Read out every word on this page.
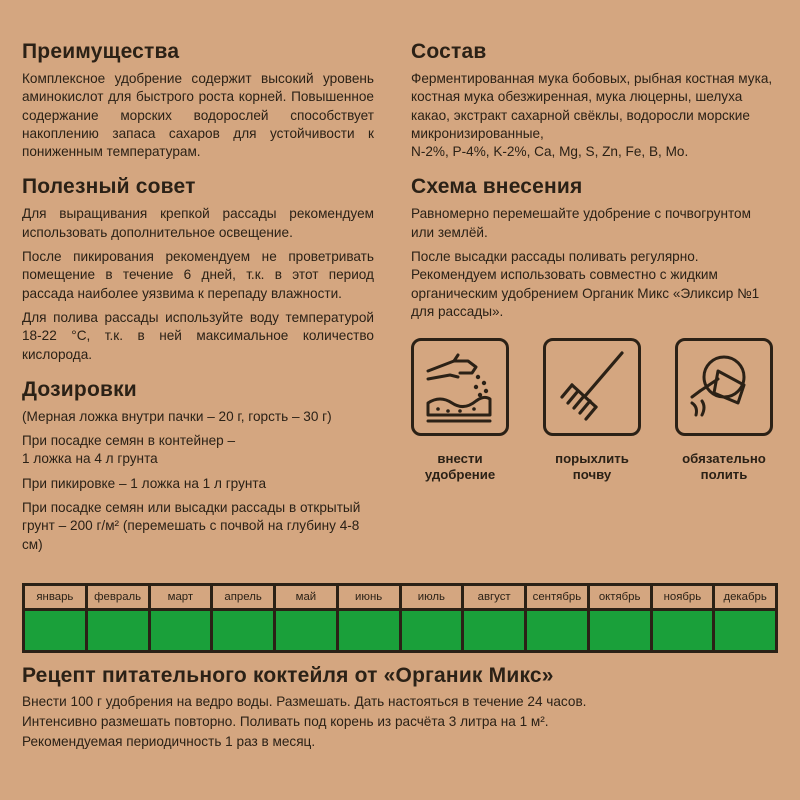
Преимущества

Комплексное удобрение содержит высокий уровень аминокислот для быстрого роста корней. Повышенное содержание морских водорослей способствует накоплению запаса сахаров для устойчивости к пониженным температурам.

Полезный совет

Для выращивания крепкой рассады рекомендуем использовать дополнительное освещение.

После пикирования рекомендуем не проветривать помещение в течение 6 дней, т.к. в этот период рассада наиболее уязвима к перепаду влажности.

Для полива рассады используйте воду температурой 18-22 °С, т.к. в ней максимальное количество кислорода.

Дозировки

(Мерная ложка внутри пачки – 20 г, горсть – 30 г)

При посадке семян в контейнер –

1 ложка на 4 л грунта

При пикировке – 1 ложка на 1 л грунта

При посадке семян или высадки рассады в открытый грунт – 200 г/м² (перемешать с почвой на глубину 4-8 см)

Состав

Ферментированная мука бобовых, рыбная костная мука, костная мука обезжиренная, мука люцерны, шелуха какао, экстракт сахарной свёклы, водоросли морские микронизированные,

N-2%, P-4%, K-2%, Ca, Mg, S, Zn, Fe, B, Mo.

Схема внесения

Равномерно перемешайте удобрение с почвогрунтом или землёй.

После высадки рассады поливать регулярно. Рекомендуем использовать совместно с жидким органическим удобрением Органик Микс «Эликсир №1 для рассады».

внести
удобрение
порыхлить
почву
обязательно
полить
январь	февраль	март	апрель	май	июнь	июль	август	сентябрь	октябрь	ноябрь	декабрь
Рецепт питательного коктейля от «Органик Микс»

Внести 100 г удобрения на ведро воды. Размешать. Дать настояться в течение 24 часов.

Интенсивно размешать повторно. Поливать под корень из расчёта 3 литра на 1 м².

Рекомендуемая периодичность 1 раз в месяц.
